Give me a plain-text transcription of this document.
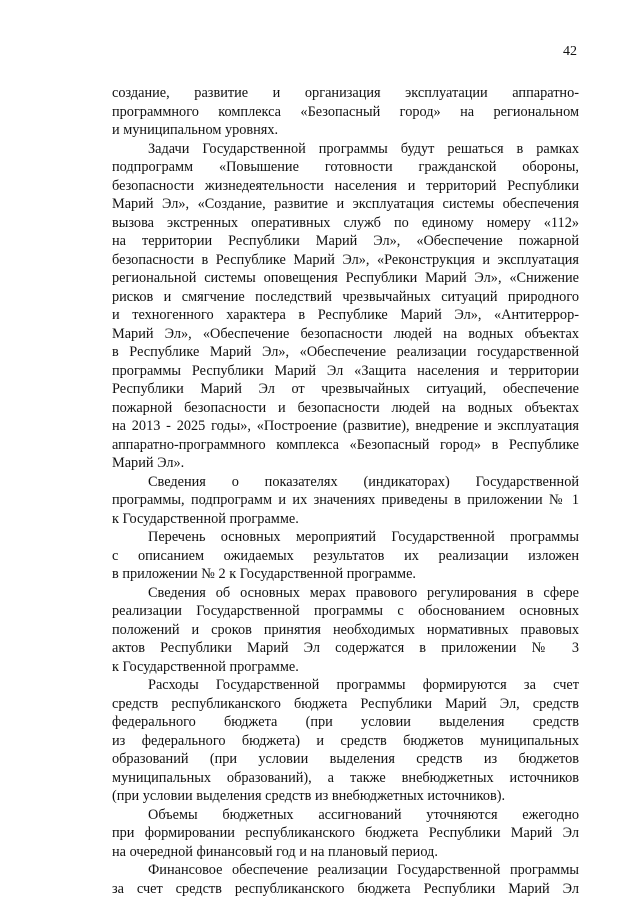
42
создание, развитие и организация эксплуатации аппаратно-
программного комплекса «Безопасный город» на региональном
и муниципальном уровнях.
Задачи Государственной программы будут решаться в рамках
подпрограмм «Повышение готовности гражданской обороны,
безопасности жизнедеятельности населения и территорий Республики
Марий Эл», «Создание, развитие и эксплуатация системы обеспечения
вызова экстренных оперативных служб по единому номеру «112»
на территории Республики Марий Эл», «Обеспечение пожарной
безопасности в Республике Марий Эл», «Реконструкция и эксплуатация
региональной системы оповещения Республики Марий Эл», «Снижение
рисков и смягчение последствий чрезвычайных ситуаций природного
и техногенного характера в Республике Марий Эл», «Антитеррор-
Марий Эл», «Обеспечение безопасности людей на водных объектах
в Республике Марий Эл», «Обеспечение реализации государственной
программы Республики Марий Эл «Защита населения и территории
Республики Марий Эл от чрезвычайных ситуаций, обеспечение
пожарной безопасности и безопасности людей на водных объектах
на 2013 - 2025 годы», «Построение (развитие), внедрение и эксплуатация
аппаратно-программного комплекса «Безопасный город» в Республике
Марий Эл».
Сведения о показателях (индикаторах) Государственной
программы, подпрограмм и их значениях приведены в приложении № 1
к Государственной программе.
Перечень основных мероприятий Государственной программы
с описанием ожидаемых результатов их реализации изложен
в приложении № 2 к Государственной программе.
Сведения об основных мерах правового регулирования в сфере
реализации Государственной программы с обоснованием основных
положений и сроков принятия необходимых нормативных правовых
актов Республики Марий Эл содержатся в приложении № 3
к Государственной программе.
Расходы Государственной программы формируются за счет
средств республиканского бюджета Республики Марий Эл, средств
федерального бюджета (при условии выделения средств
из федерального бюджета) и средств бюджетов муниципальных
образований (при условии выделения средств из бюджетов
муниципальных образований), а также внебюджетных источников
(при условии выделения средств из внебюджетных источников).
Объемы бюджетных ассигнований уточняются ежегодно
при формировании республиканского бюджета Республики Марий Эл
на очередной финансовый год и на плановый период.
Финансовое обеспечение реализации Государственной программы
за счет средств республиканского бюджета Республики Марий Эл
